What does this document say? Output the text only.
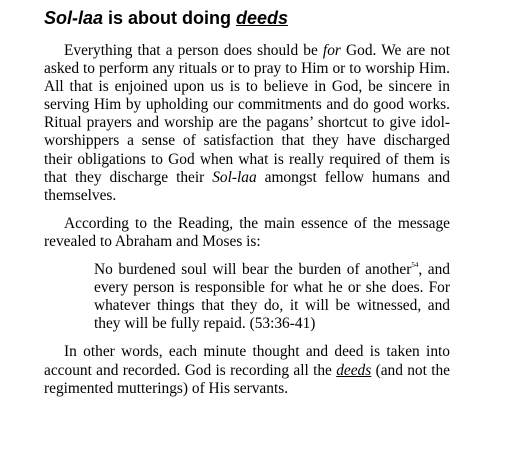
Sol-laa is about doing deeds

Everything that a person does should be for God. We are not asked to perform any rituals or to pray to Him or to worship Him. All that is enjoined upon us is to believe in God, be sincere in serving Him by upholding our commitments and do good works. Ritual prayers and worship are the pagans’ shortcut to give idol-worshippers a sense of satisfaction that they have discharged their obligations to God when what is really required of them is that they discharge their Sol-laa amongst fellow humans and themselves.

According to the Reading, the main essence of the message revealed to Abraham and Moses is:

No burdened soul will bear the burden of another$^{54}$, and every person is responsible for what he or she does. For whatever things that they do, it will be witnessed, and they will be fully repaid. (53:36-41)

In other words, each minute thought and deed is taken into account and recorded. God is recording all the deeds (and not the regimented mutterings) of His servants.
